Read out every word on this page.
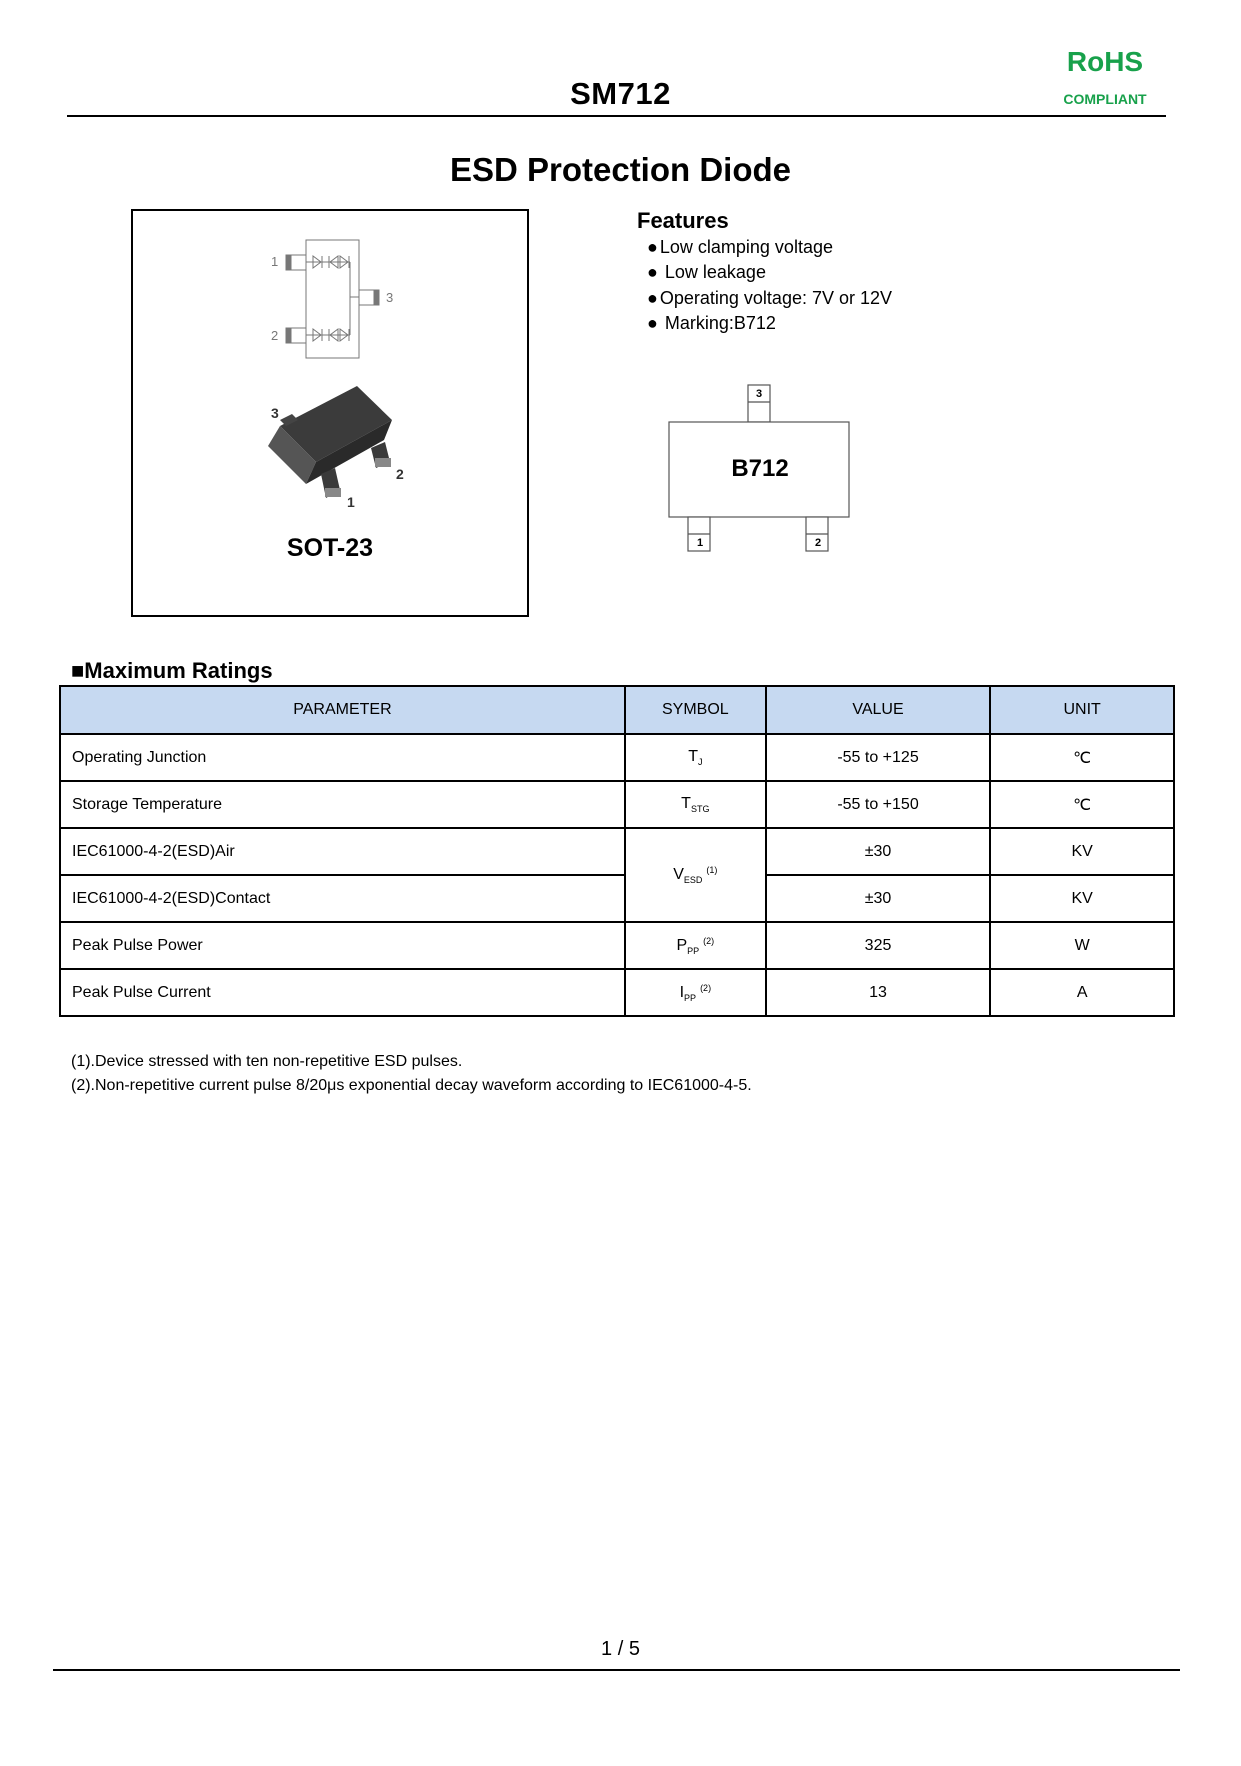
SM712
RoHS
COMPLIANT
ESD Protection Diode
1
2
3
3
2
1
SOT-23
Features
● Low clamping voltage
● Low leakage
● Operating voltage: 7V or 12V
● Marking:B712
B712
3
1	2
■Maximum Ratings
PARAMETER	SYMBOL	VALUE	UNIT
Operating Junction	$T_J$	-55 to +125	℃
Storage Temperature	$T_{STG}$	-55 to +150	℃
IEC61000-4-2(ESD)Air	$V_{ESD}^{(1)}$	±30	KV
IEC61000-4-2(ESD)Contact		±30	KV
Peak Pulse Power	$P_{PP}^{(2)}$	325	W
Peak Pulse Current	$I_{PP}^{(2)}$	13	A
(1).Device stressed with ten non-repetitive ESD pulses.
(2).Non-repetitive current pulse 8/20μs exponential decay waveform according to IEC61000-4-5.
1 / 5
